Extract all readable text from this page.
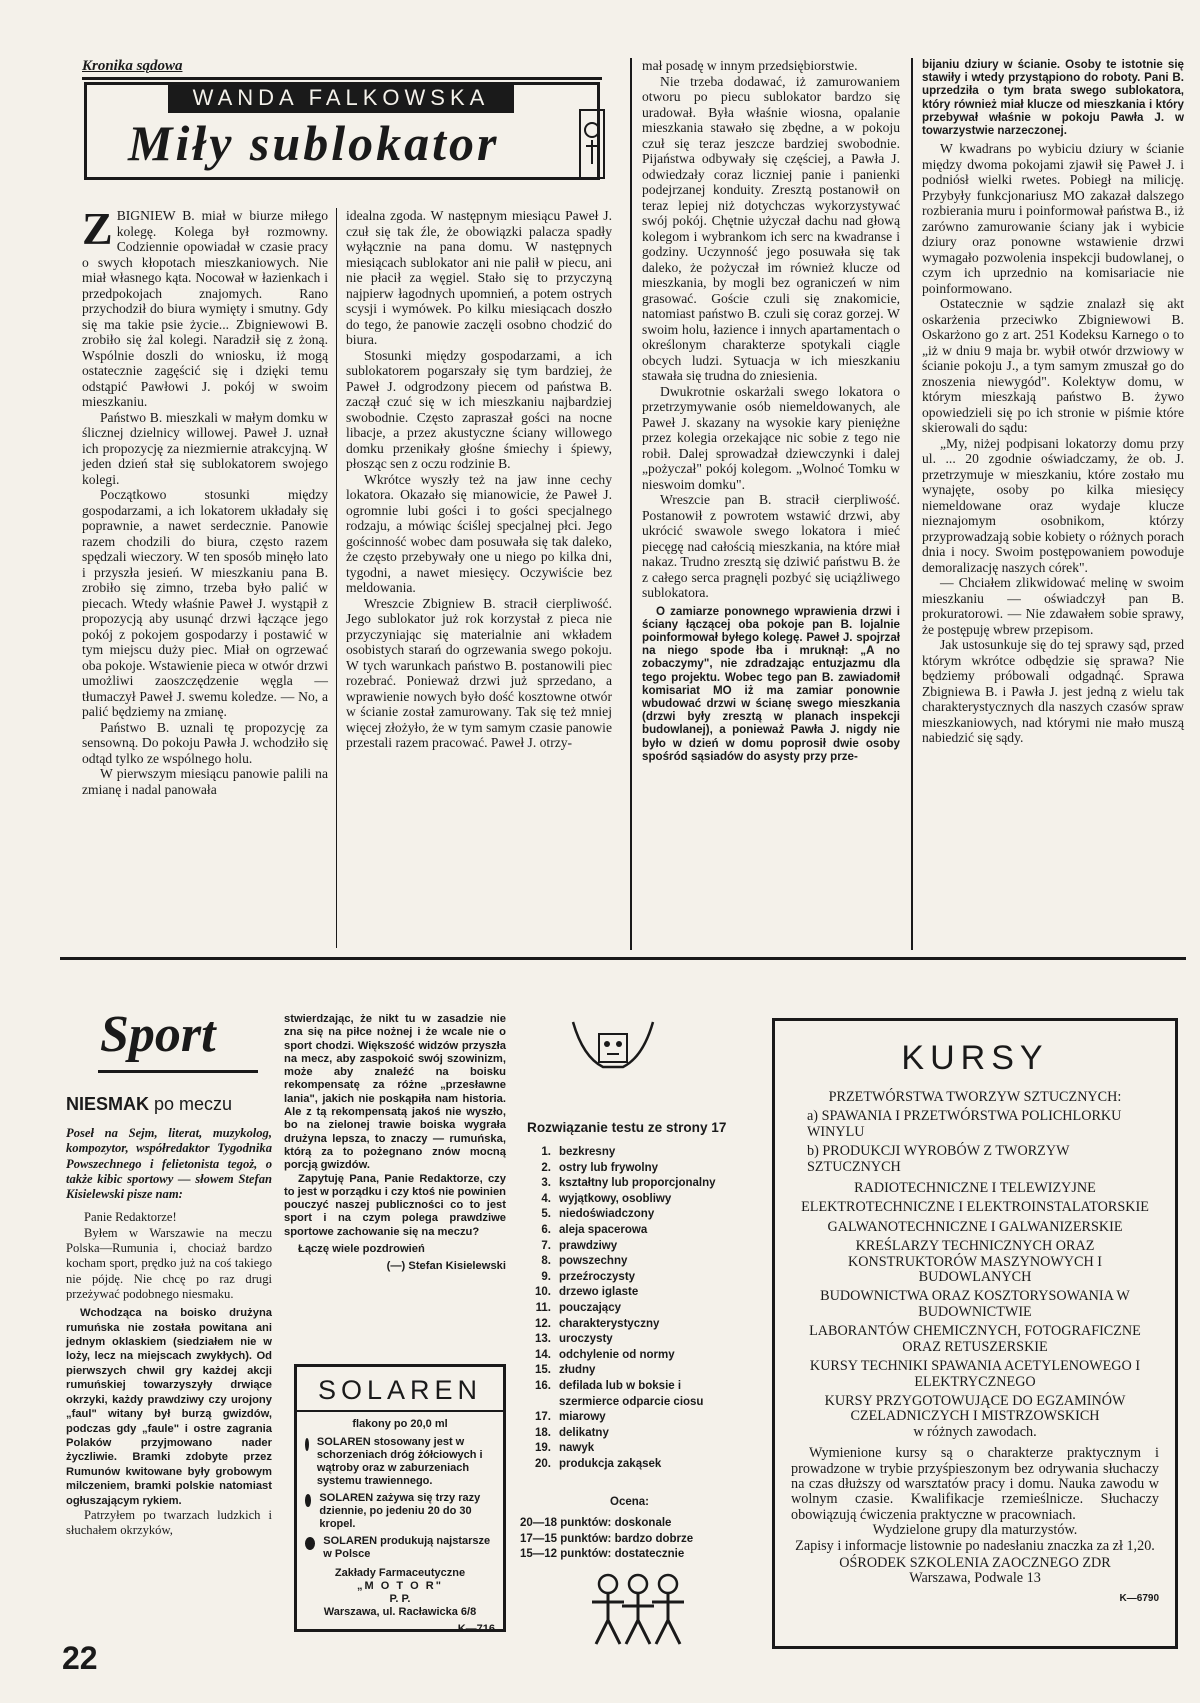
Kronika sądowa
WANDA FALKOWSKA
Miły sublokator

ZBIGNIEW B. miał w biurze miłego kolegę. Kolega był rozmowny. Codziennie opowiadał w czasie pracy o swych kłopotach mieszkaniowych. Nie miał własnego kąta. Nocował w łazienkach i przedpokojach znajomych. Rano przychodził do biura wymięty i smutny. Gdy się ma takie psie życie... Zbigniewowi B. zrobiło się żal kolegi. Naradził się z żoną. Wspólnie doszli do wniosku, iż mogą ostatecznie zagęścić się i dzięki temu odstąpić Pawłowi J. pokój w swoim mieszkaniu.

Państwo B. mieszkali w małym domku w ślicznej dzielnicy willowej. Paweł J. uznał ich propozycję za niezmiernie atrakcyjną. W jeden dzień stał się sublokatorem swojego kolegi.

Początkowo stosunki między gospodarzami, a ich lokatorem układały się poprawnie, a nawet serdecznie. Panowie razem chodzili do biura, często razem spędzali wieczory. W ten sposób minęło lato i przyszła jesień. W mieszkaniu pana B. zrobiło się zimno, trzeba było palić w piecach. Wtedy właśnie Paweł J. wystąpił z propozycją aby usunąć drzwi łączące jego pokój z pokojem gospodarzy i postawić w tym miejscu duży piec. Miał on ogrzewać oba pokoje. Wstawienie pieca w otwór drzwi umożliwi zaoszczędzenie węgla — tłumaczył Paweł J. swemu koledze. — No, a palić będziemy na zmianę.

Państwo B. uznali tę propozycję za sensowną. Do pokoju Pawła J. wchodziło się odtąd tylko ze wspólnego holu.

W pierwszym miesiącu panowie palili na zmianę i nadal panowała

idealna zgoda. W następnym miesiącu Paweł J. czuł się tak źle, że obowiązki palacza spadły wyłącznie na pana domu. W następnych miesiącach sublokator ani nie palił w piecu, ani nie płacił za węgiel. Stało się to przyczyną najpierw łagodnych upomnień, a potem ostrych scysji i wymówek. Po kilku miesiącach doszło do tego, że panowie zaczęli osobno chodzić do biura.

Stosunki między gospodarzami, a ich sublokatorem pogarszały się tym bardziej, że Paweł J. odgrodzony piecem od państwa B. zaczął czuć się w ich mieszkaniu najbardziej swobodnie. Często zapraszał gości na nocne libacje, a przez akustyczne ściany willowego domku przenikały głośne śmiechy i śpiewy, płosząc sen z oczu rodzinie B.

Wkrótce wyszły też na jaw inne cechy lokatora. Okazało się mianowicie, że Paweł J. ogromnie lubi gości i to gości specjalnego rodzaju, a mówiąc ściślej specjalnej płci. Jego gościnność wobec dam posuwała się tak daleko, że często przebywały one u niego po kilka dni, tygodni, a nawet miesięcy. Oczywiście bez meldowania.

Wreszcie Zbigniew B. stracił cierpliwość. Jego sublokator już rok korzystał z pieca nie przyczyniając się materialnie ani wkładem osobistych starań do ogrzewania swego pokoju. W tych warunkach państwo B. postanowili piec rozebrać. Ponieważ drzwi już sprzedano, a wprawienie nowych było dość kosztowne otwór w ścianie został zamurowany. Tak się też mniej więcej złożyło, że w tym samym czasie panowie przestali razem pracować. Paweł J. otrzy-

mał posadę w innym przedsiębiorstwie.

Nie trzeba dodawać, iż zamurowaniem otworu po piecu sublokator bardzo się uradował. Była właśnie wiosna, opalanie mieszkania stawało się zbędne, a w pokoju czuł się teraz jeszcze bardziej swobodnie. Pijaństwa odbywały się częściej, a Pawła J. odwiedzały coraz liczniej panie i panienki podejrzanej konduity. Zresztą postanowił on teraz lepiej niż dotychczas wykorzystywać swój pokój. Chętnie użyczał dachu nad głową kolegom i wybrankom ich serc na kwadranse i godziny. Uczynność jego posuwała się tak daleko, że pożyczał im również klucze od mieszkania, by mogli bez ograniczeń w nim grasować. Goście czuli się znakomicie, natomiast państwo B. czuli się coraz gorzej. W swoim holu, łazience i innych apartamentach o określonym charakterze spotykali ciągle obcych ludzi. Sytuacja w ich mieszkaniu stawała się trudna do zniesienia.

Dwukrotnie oskarżali swego lokatora o przetrzymywanie osób niemeldowanych, ale Paweł J. skazany na wysokie kary pieniężne przez kolegia orzekające nic sobie z tego nie robił. Dalej sprowadzał dziewczynki i dalej „pożyczał" pokój kolegom. „Wolnoć Tomku w nieswoim domku".

Wreszcie pan B. stracił cierpliwość. Postanowił z powrotem wstawić drzwi, aby ukrócić swawole swego lokatora i mieć piecęgę nad całością mieszkania, na które miał nakaz. Trudno zresztą się dziwić państwu B. że z całego serca pragnęli pozbyć się uciążliwego sublokatora.

O zamiarze ponownego wprawienia drzwi i ściany łączącej oba pokoje pan B. lojalnie poinformował byłego kolegę. Paweł J. spojrzał na niego spode łba i mruknął: „A no zobaczymy", nie zdradzając entuzjazmu dla tego projektu. Wobec tego pan B. zawiadomił komisariat MO iż ma zamiar ponownie wbudować drzwi w ścianę swego mieszkania (drzwi były zresztą w planach inspekcji budowlanej), a ponieważ Pawła J. nigdy nie było w dzień w domu poprosił dwie osoby spośród sąsiadów do asysty przy prze-

bijaniu dziury w ścianie. Osoby te istotnie się stawiły i wtedy przystąpiono do roboty. Pani B. uprzedziła o tym brata swego sublokatora, który również miał klucze od mieszkania i który przebywał właśnie w pokoju Pawła J. w towarzystwie narzeczonej.

W kwadrans po wybiciu dziury w ścianie między dwoma pokojami zjawił się Paweł J. i podniósł wielki rwetes. Pobiegł na milicję. Przybyły funkcjonariusz MO zakazał dalszego rozbierania muru i poinformował państwa B., iż zarówno zamurowanie ściany jak i wybicie dziury oraz ponowne wstawienie drzwi wymagało pozwolenia inspekcji budowlanej, o czym ich uprzednio na komisariacie nie poinformowano.

Ostatecznie w sądzie znalazł się akt oskarżenia przeciwko Zbigniewowi B. Oskarżono go z art. 251 Kodeksu Karnego o to „iż w dniu 9 maja br. wybił otwór drzwiowy w ścianie pokoju J., a tym samym zmuszał go do znoszenia niewygód". Kolektyw domu, w którym mieszkają państwo B. żywo opowiedzieli się po ich stronie w piśmie które skierowali do sądu:

„My, niżej podpisani lokatorzy domu przy ul. ... 20 zgodnie oświadczamy, że ob. J. przetrzymuje w mieszkaniu, które zostało mu wynajęte, osoby po kilka miesięcy niemeldowane oraz wydaje klucze nieznajomym osobnikom, którzy przyprowadzają sobie kobiety o różnych porach dnia i nocy. Swoim postępowaniem powoduje demoralizację naszych córek".

— Chciałem zlikwidować melinę w swoim mieszkaniu — oświadczył pan B. prokuratorowi. — Nie zdawałem sobie sprawy, że postępuję wbrew przepisom.

Jak ustosunkuje się do tej sprawy sąd, przed którym wkrótce odbędzie się sprawa? Nie będziemy próbowali odgadnąć. Sprawa Zbigniewa B. i Pawła J. jest jedną z wielu tak charakterystycznych dla naszych czasów spraw mieszkaniowych, nad którymi nie mało muszą nabiedzić się sądy.

Sport
NIESMAK po meczu

Poseł na Sejm, literat, muzykolog, kompozytor, współredaktor Tygodnika Powszechnego i felietonista tegoż, o także kibic sportowy — słowem Stefan Kisielewski pisze nam:

Panie Redaktorze!

Byłem w Warszawie na meczu Polska—Rumunia i, chociaż bardzo kocham sport, prędko już na coś takiego nie pójdę. Nie chcę po raz drugi przeżywać podobnego niesmaku.

Wchodząca na boisko drużyna rumuńska nie została powitana ani jednym oklaskiem (siedziałem nie w loży, lecz na miejscach zwykłych). Od pierwszych chwil gry każdej akcji rumuńskiej towarzyszyły drwiące okrzyki, każdy prawdziwy czy urojony „faul" witany był burzą gwizdów, podczas gdy „faule" i ostre zagrania Polaków przyjmowano nader życzliwie. Bramki zdobyte przez Rumunów kwitowane były grobowym milczeniem, bramki polskie natomiast ogłuszającym rykiem.

Patrzyłem po twarzach ludzkich i słuchałem okrzyków,

stwierdzając, że nikt tu w zasadzie nie zna się na piłce nożnej i że wcale nie o sport chodzi. Większość widzów przyszła na mecz, aby zaspokoić swój szowinizm, może aby znaleźć na boisku rekompensatę za różne „przesławne lania", jakich nie poskąpiła nam historia. Ale z tą rekompensatą jakoś nie wyszło, bo na zielonej trawie boiska wygrała drużyna lepsza, to znaczy — rumuńska, którą za to pożegnano znów mocną porcją gwizdów.

Zapytuję Pana, Panie Redaktorze, czy to jest w porządku i czy ktoś nie powinien pouczyć naszej publiczności co to jest sport i na czym polega prawdziwe sportowe zachowanie się na meczu?

Łączę wiele pozdrowień

(—) Stefan Kisielewski

22
SOLAREN
flakony po 20,0 ml
SOLAREN stosowany jest w schorzeniach dróg żółciowych i wątroby oraz w zaburzeniach systemu trawiennego.
SOLAREN zażywa się trzy razy dziennie, po jedeniu 20 do 30 kropel.
SOLAREN produkują najstarsze w Polsce
Zakłady Farmaceutyczne
„M O T O R"
P. P.
Warszawa, ul. Racławicka 6/8
K—716
Rozwiązanie testu ze strony 17
1. bezkresny
2. ostry lub frywolny
3. kształtny lub proporcjonalny
4. wyjątkowy, osobliwy
5. niedoświadczony
6. aleja spacerowa
7. prawdziwy
8. powszechny
9. przeźroczysty
10. drzewo iglaste
11. pouczający
12. charakterystyczny
13. uroczysty
14. odchylenie od normy
15. złudny
16. defilada lub w boksie i szermierce odparcie ciosu
17. miarowy
18. delikatny
19. nawyk
20. produkcja zakąsek
Ocena:
20—18 punktów: doskonale
17—15 punktów: bardzo dobrze
15—12 punktów: dostatecznie
KURSY
PRZETWÓRSTWA TWORZYW SZTUCZNYCH:
a) SPAWANIA I PRZETWÓRSTWA POLICHLORKU WINYLU
b) PRODUKCJI WYROBÓW Z TWORZYW SZTUCZNYCH
RADIOTECHNICZNE I TELEWIZYJNE
ELEKTROTECHNICZNE I ELEKTROINSTALATORSKIE
GALWANOTECHNICZNE I GALWANIZERSKIE
KREŚLARZY TECHNICZNYCH ORAZ KONSTRUKTORÓW MASZYNOWYCH I BUDOWLANYCH
BUDOWNICTWA ORAZ KOSZTORYSOWANIA W BUDOWNICTWIE
LABORANTÓW CHEMICZNYCH, FOTOGRAFICZNE ORAZ RETUSZERSKIE
KURSY TECHNIKI SPAWANIA ACETYLENOWEGO I ELEKTRYCZNEGO
KURSY PRZYGOTOWUJĄCE DO EGZAMINÓW CZELADNICZYCH I MISTRZOWSKICH
w różnych zawodach.

Wymienione kursy są o charakterze praktycznym i prowadzone w trybie przyśpieszonym bez odrywania słuchaczy na czas dłuższy od warsztatów pracy i domu. Nauka zawodu w wolnym czasie. Kwalifikacje rzemieślnicze. Słuchaczy obowiązują ćwiczenia praktyczne w pracowniach.

Wydzielone grupy dla maturzystów.

Zapisy i informacje listownie po nadesłaniu znaczka za zł 1,20.

OŚRODEK SZKOLENIA ZAOCZNEGO ZDR
Warszawa, Podwale 13
K—6790
